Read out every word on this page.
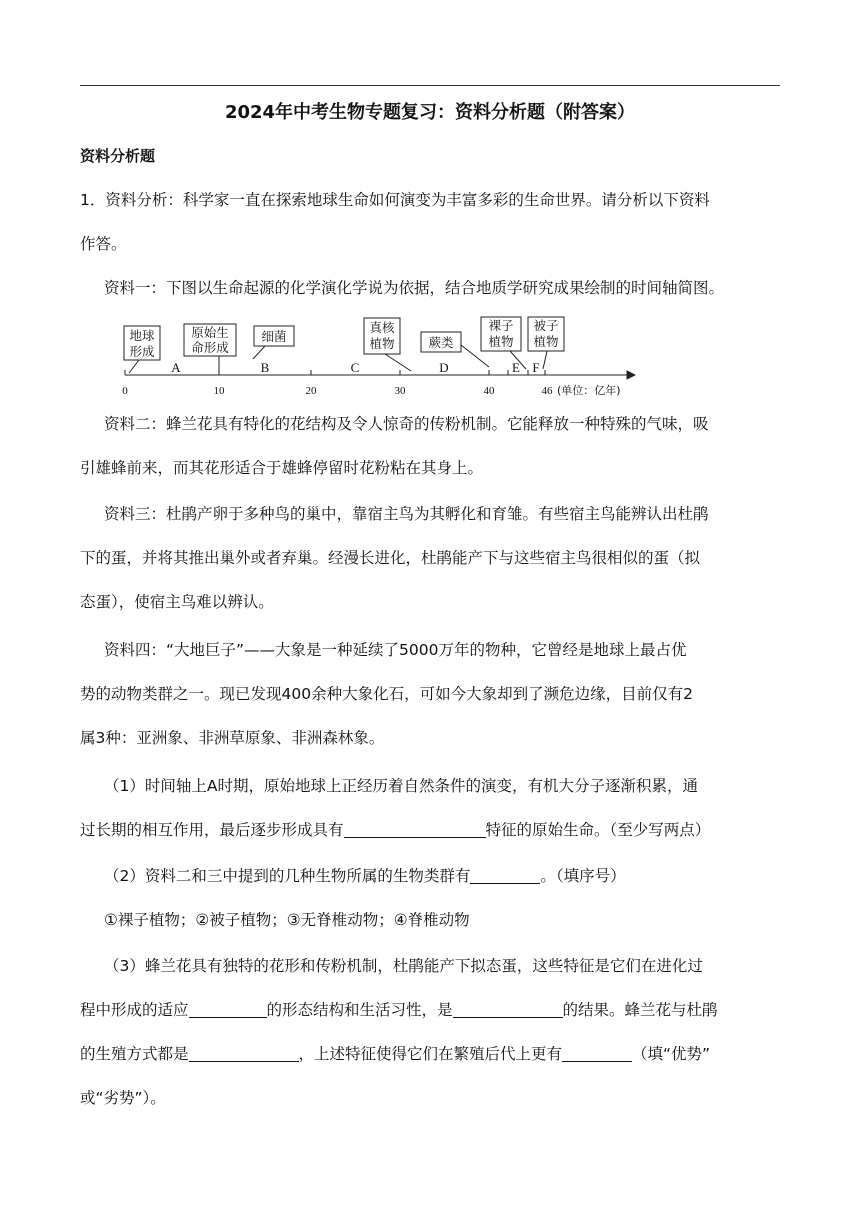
2024年中考生物专题复习：资料分析题（附答案）
资料分析题
1．资料分析：科学家一直在探索地球生命如何演变为丰富多彩的生命世界。请分析以下资料
作答。
资料一：下图以生命起源的化学演化学说为依据，结合地质学研究成果绘制的时间轴简图。
地球
形成
原始生
命形成
细菌
真核
植物	蕨类
裸子
植物
被子
植物
A	B	C	D	E F
0	10	20	30	40	46 (单位：亿年)
资料二：蜂兰花具有特化的花结构及令人惊奇的传粉机制。它能释放一种特殊的气味，吸
引雄蜂前来，而其花形适合于雄蜂停留时花粉粘在其身上。
资料三：杜鹃产卵于多种鸟的巢中，靠宿主鸟为其孵化和育雏。有些宿主鸟能辨认出杜鹃
下的蛋，并将其推出巢外或者弃巢。经漫长进化，杜鹃能产下与这些宿主鸟很相似的蛋（拟
态蛋），使宿主鸟难以辨认。
资料四：“大地巨子”——大象是一种延续了5000万年的物种，它曾经是地球上最占优
势的动物类群之一。现已发现400余种大象化石，可如今大象却到了濒危边缘，目前仅有2
属3种：亚洲象、非洲草原象、非洲森林象。
（1）时间轴上A时期，原始地球上正经历着自然条件的演变，有机大分子逐渐积累，通
过长期的相互作用，最后逐步形成具有	特征的原始生命。（至少写两点）
（2）资料二和三中提到的几种生物所属的生物类群有	。（填序号）
①裸子植物；②被子植物；③无脊椎动物；④脊椎动物
（3）蜂兰花具有独特的花形和传粉机制，杜鹃能产下拟态蛋，这些特征是它们在进化过
程中形成的适应	的形态结构和生活习性，是	的结果。蜂兰花与杜鹃
的生殖方式都是	，上述特征使得它们在繁殖后代上更有	（填“优势”
或“劣势”）。
